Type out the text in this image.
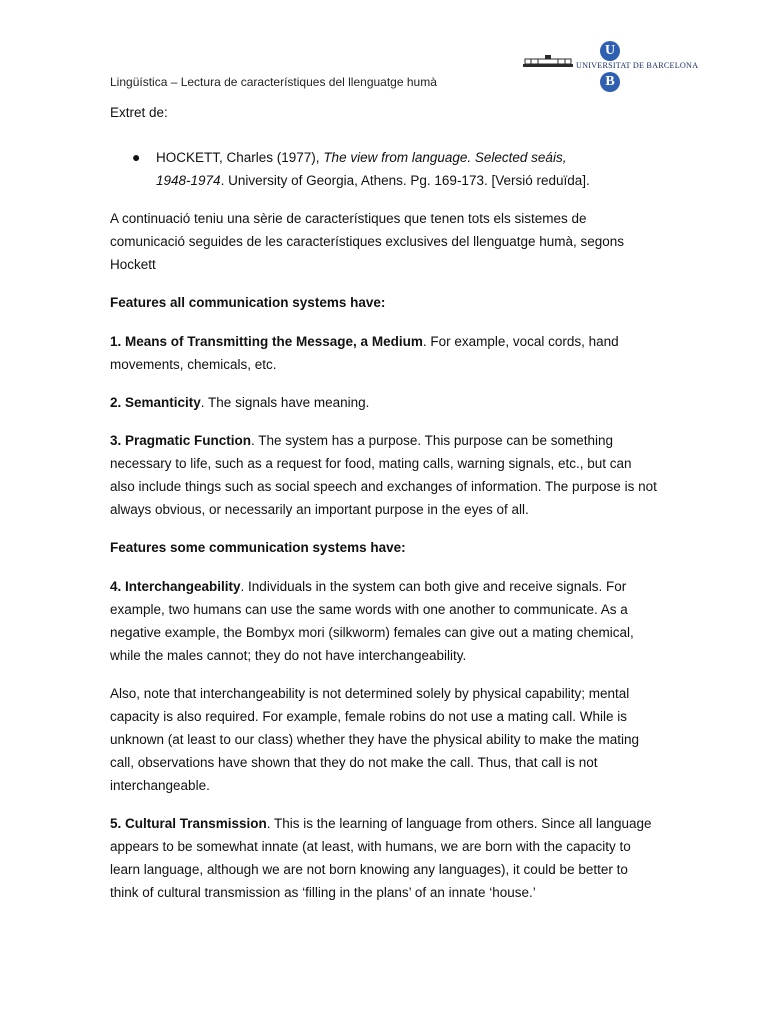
Lingüística – Lectura de característiques del llenguatge humà
U
UNIVERSITAT DE BARCELONA
B

Extret de:

● HOCKETT, Charles (1977), The view from language. Selected seáis,
1948-1974. University of Georgia, Athens. Pg. 169-173. [Versió reduïda].

A continuació teniu una sèrie de característiques que tenen tots els sistemes de comunicació seguides de les característiques exclusives del llenguatge humà, segons Hockett

Features all communication systems have:

1. Means of Transmitting the Message, a Medium. For example, vocal cords, hand movements, chemicals, etc.

2. Semanticity. The signals have meaning.

3. Pragmatic Function. The system has a purpose. This purpose can be something necessary to life, such as a request for food, mating calls, warning signals, etc., but can also include things such as social speech and exchanges of information. The purpose is not always obvious, or necessarily an important purpose in the eyes of all.

Features some communication systems have:

4. Interchangeability. Individuals in the system can both give and receive signals. For example, two humans can use the same words with one another to communicate. As a negative example, the Bombyx mori (silkworm) females can give out a mating chemical, while the males cannot; they do not have interchangeability.

Also, note that interchangeability is not determined solely by physical capability; mental capacity is also required. For example, female robins do not use a mating call. While is unknown (at least to our class) whether they have the physical ability to make the mating call, observations have shown that they do not make the call. Thus, that call is not interchangeable.

5. Cultural Transmission. This is the learning of language from others. Since all language appears to be somewhat innate (at least, with humans, we are born with the capacity to learn language, although we are not born knowing any languages), it could be better to think of cultural transmission as ‘filling in the plans’ of an innate ‘house.’
